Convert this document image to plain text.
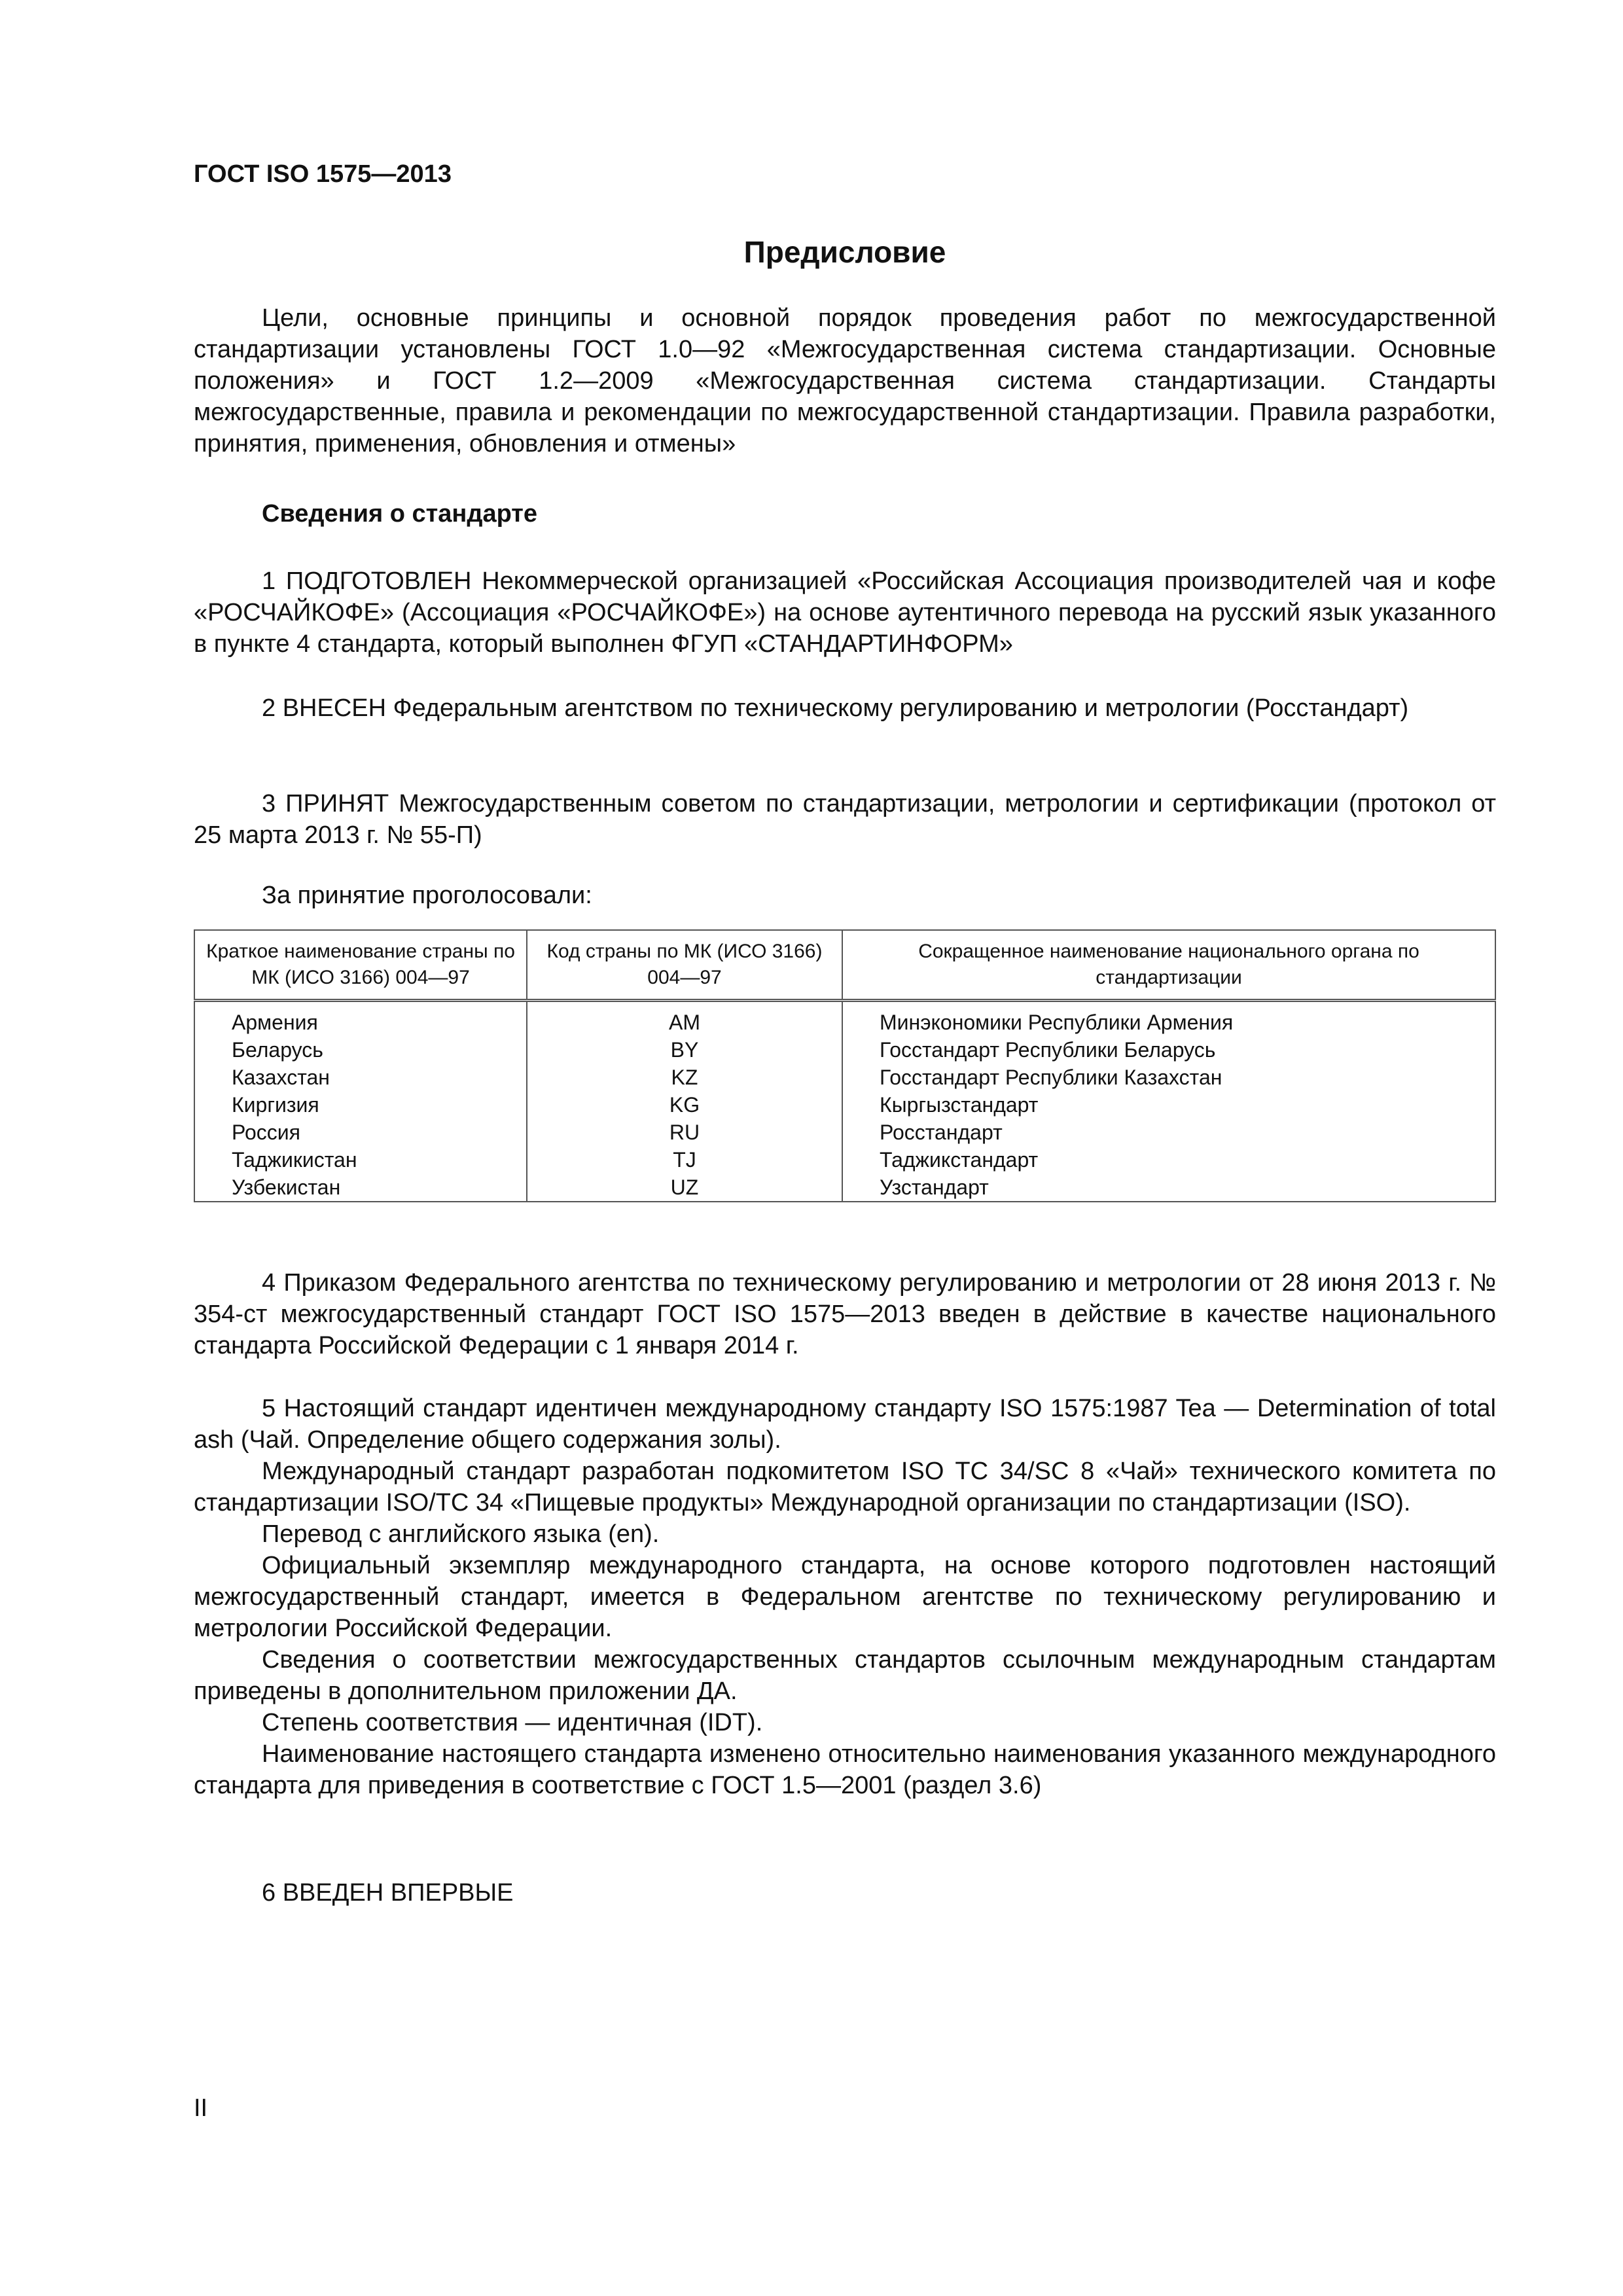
ГОСТ ISO 1575—2013
Предисловие

Цели, основные принципы и основной порядок проведения работ по межгосударственной стандартизации установлены ГОСТ 1.0—92 «Межгосударственная система стандартизации. Основные положения» и ГОСТ 1.2—2009 «Межгосударственная система стандартизации. Стандарты межгосударственные, правила и рекомендации по межгосударственной стандартизации. Правила разработки, принятия, применения, обновления и отмены»

Сведения о стандарте

1 ПОДГОТОВЛЕН Некоммерческой организацией «Российская Ассоциация производителей чая и кофе «РОСЧАЙКОФЕ» (Ассоциация «РОСЧАЙКОФЕ») на основе аутентичного перевода на русский язык указанного в пункте 4 стандарта, который выполнен ФГУП «СТАНДАРТИНФОРМ»

2 ВНЕСЕН Федеральным агентством по техническому регулированию и метрологии (Росстандарт)

3 ПРИНЯТ Межгосударственным советом по стандартизации, метрологии и сертификации (протокол от 25 марта 2013 г. № 55-П)

За принятие проголосовали:

Краткое наименование страны по МК (ИСО 3166) 004—97	Код страны по МК (ИСО 3166) 004—97	Сокращенное наименование национального органа по стандартизации
Армения	AM	Минэкономики Республики Армения
Беларусь	BY	Госстандарт Республики Беларусь
Казахстан	KZ	Госстандарт Республики Казахстан
Киргизия	KG	Кыргызстандарт
Россия	RU	Росстандарт
Таджикистан	TJ	Таджикстандарт
Узбекистан	UZ	Узстандарт

4 Приказом Федерального агентства по техническому регулированию и метрологии от 28 июня 2013 г. № 354-ст межгосударственный стандарт ГОСТ ISO 1575—2013 введен в действие в качестве национального стандарта Российской Федерации с 1 января 2014 г.

5 Настоящий стандарт идентичен международному стандарту ISO 1575:1987 Tea — Determination of total ash (Чай. Определение общего содержания золы).

Международный стандарт разработан подкомитетом ISO TC 34/SC 8 «Чай» технического комитета по стандартизации ISO/TC 34 «Пищевые продукты» Международной организации по стандартизации (ISO).

Перевод с английского языка (en).

Официальный экземпляр международного стандарта, на основе которого подготовлен настоящий межгосударственный стандарт, имеется в Федеральном агентстве по техническому регулированию и метрологии Российской Федерации.

Сведения о соответствии межгосударственных стандартов ссылочным международным стандартам приведены в дополнительном приложении ДА.

Степень соответствия — идентичная (IDT).

Наименование настоящего стандарта изменено относительно наименования указанного международного стандарта для приведения в соответствие с ГОСТ 1.5—2001 (раздел 3.6)

6 ВВЕДЕН ВПЕРВЫЕ

II
